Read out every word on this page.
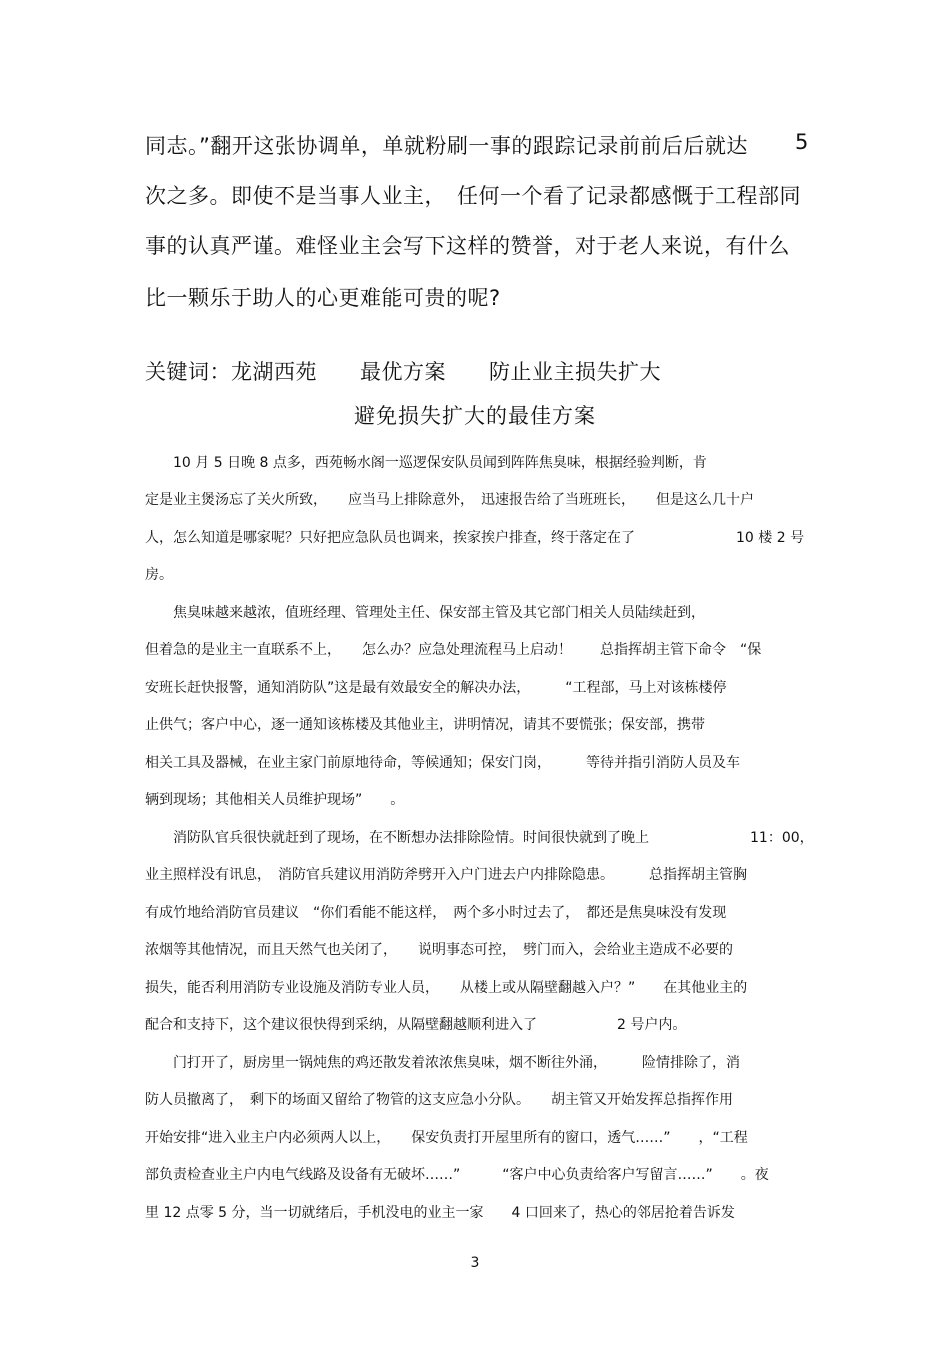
同志。”翻开这张协调单，单就粉刷一事的跟踪记录前前后后就达 5
次之多。即使不是当事人业主，　任何一个看了记录都感慨于工程部同
事的认真严谨。难怪业主会写下这样的赞誉，对于老人来说，有什么
比一颗乐于助人的心更难能可贵的呢?
关键词：龙湖西苑　　最优方案　　防止业主损失扩大
避免损失扩大的最佳方案
　　10 月 5 日晚 8 点多，西苑畅水阁一巡逻保安队员闻到阵阵焦臭味，根据经验判断，肯
定是业主煲汤忘了关火所致，　　应当马上排除意外，　迅速报告给了当班班长，　　但是这么几十户
人，怎么知道是哪家呢？只好把应急队员也调来，挨家挨户排查，终于落定在了	10 楼 2 号
房。
　　焦臭味越来越浓，值班经理、管理处主任、保安部主管及其它部门相关人员陆续赶到，
但着急的是业主一直联系不上，　　怎么办？应急处理流程马上启动！　　总指挥胡主管下命令　“保
安班长赶快报警，通知消防队”这是最有效最安全的解决办法，　　　“工程部，马上对该栋楼停
止供气；客户中心，逐一通知该栋楼及其他业主，讲明情况，请其不要慌张；保安部，携带
相关工具及器械，在业主家门前原地待命，等候通知；保安门岗，　　　等待并指引消防人员及车
辆到现场；其他相关人员维护现场”　　。
　　消防队官兵很快就赶到了现场，在不断想办法排除险情。时间很快就到了晚上	11：00，
业主照样没有讯息，　消防官兵建议用消防斧劈开入户门进去户内排除隐患。　　　总指挥胡主管胸
有成竹地给消防官员建议　“你们看能不能这样，　两个多小时过去了，　都还是焦臭味没有发现
浓烟等其他情况，而且天然气也关闭了，　　说明事态可控，　劈门而入，会给业主造成不必要的
损失，能否利用消防专业设施及消防专业人员，　　从楼上或从隔壁翻越入户？”　　在其他业主的
配合和支持下，这个建议很快得到采纳，从隔壁翻越顺利进入了	2 号户内。
　　门打开了，厨房里一锅炖焦的鸡还散发着浓浓焦臭味，烟不断往外涌，　　　险情排除了，消
防人员撤离了，　剩下的场面又留给了物管的这支应急小分队。　　胡主管又开始发挥总指挥作用
开始安排“进入业主户内必须两人以上，　　保安负责打开屋里所有的窗口，透气……”　　，“工程
部负责检查业主户内电气线路及设备有无破坏……”　　　“客户中心负责给客户写留言……”　　。夜
里 12 点零 5 分，当一切就绪后，手机没电的业主一家　　4 口回来了，热心的邻居抢着告诉发
3
